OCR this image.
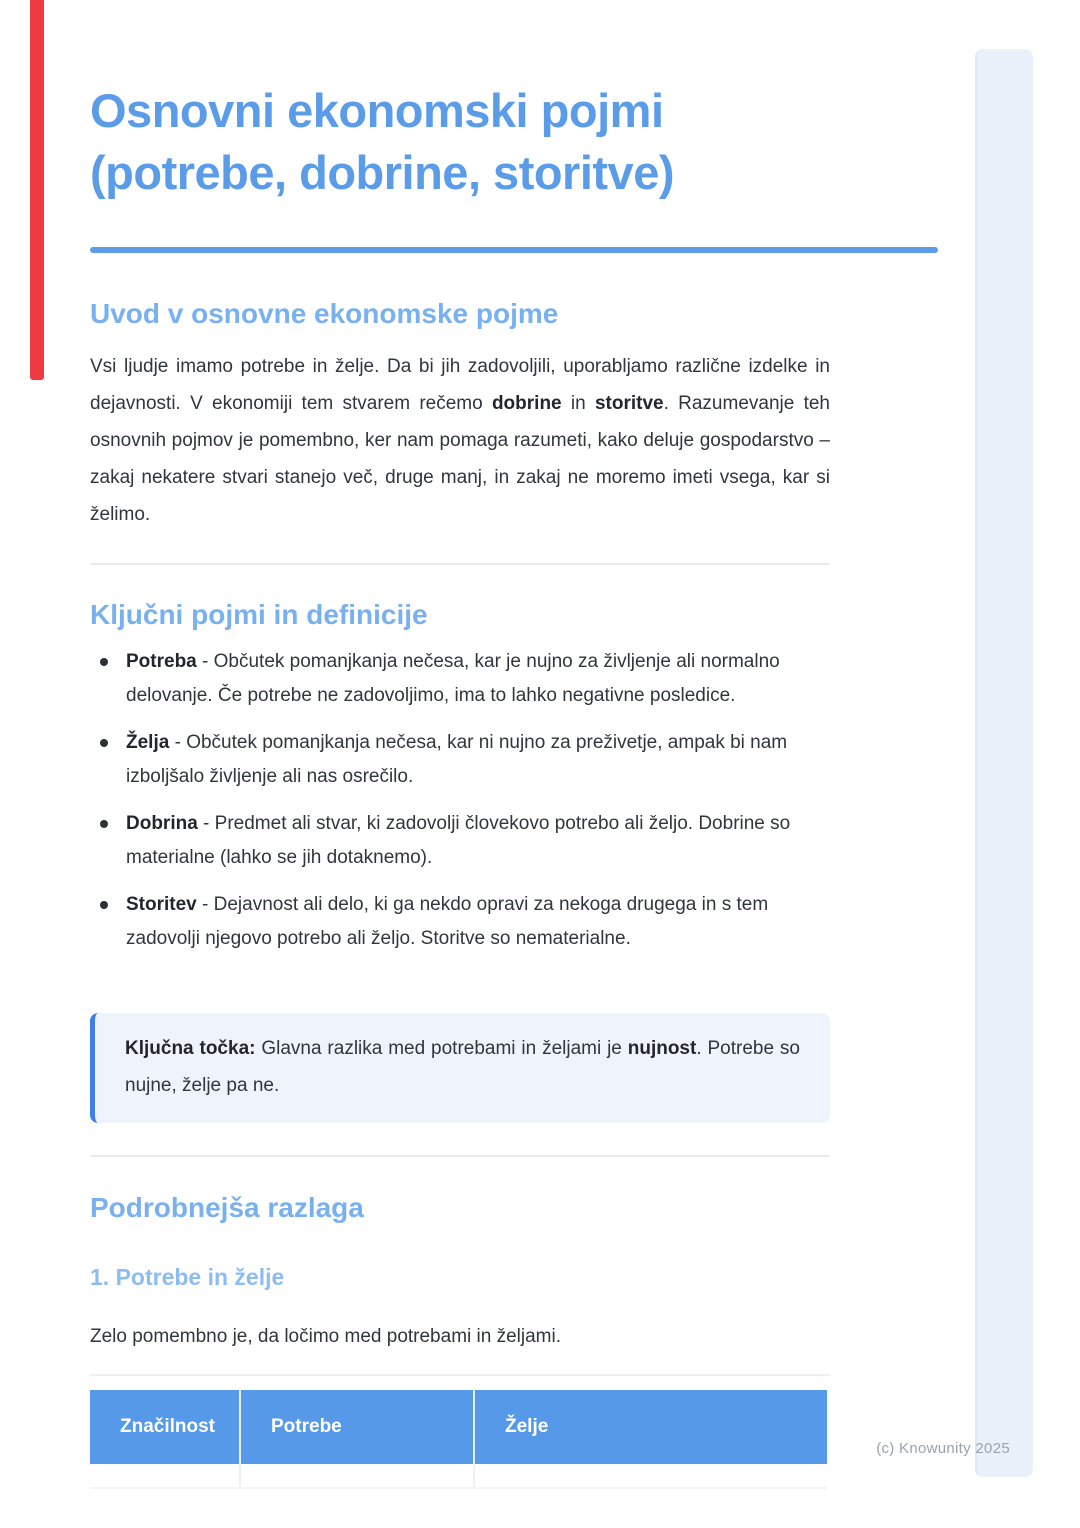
(c) Knowunity 2025
Osnovni ekonomski pojmi
(potrebe, dobrine, storitve)
Uvod v osnovne ekonomske pojme

Vsi ljudje imamo potrebe in želje. Da bi jih zadovoljili, uporabljamo različne izdelke in dejavnosti. V ekonomiji tem stvarem rečemo dobrine in storitve. Razumevanje teh osnovnih pojmov je pomembno, ker nam pomaga razumeti, kako deluje gospodarstvo – zakaj nekatere stvari stanejo več, druge manj, in zakaj ne moremo imeti vsega, kar si želimo.

Ključni pojmi in definicije
Potreba - Občutek pomanjkanja nečesa, kar je nujno za življenje ali normalno delovanje. Če potrebe ne zadovoljimo, ima to lahko negativne posledice.
Želja - Občutek pomanjkanja nečesa, kar ni nujno za preživetje, ampak bi nam izboljšalo življenje ali nas osrečilo.
Dobrina - Predmet ali stvar, ki zadovolji človekovo potrebo ali željo. Dobrine so materialne (lahko se jih dotaknemo).
Storitev - Dejavnost ali delo, ki ga nekdo opravi za nekoga drugega in s tem zadovolji njegovo potrebo ali željo. Storitve so nematerialne.
Ključna točka: Glavna razlika med potrebami in željami je nujnost. Potrebe so nujne, želje pa ne.
Podrobnejša razlaga
1. Potrebe in želje

Zelo pomembno je, da ločimo med potrebami in željami.

Značilnost	Potrebe	Želje
